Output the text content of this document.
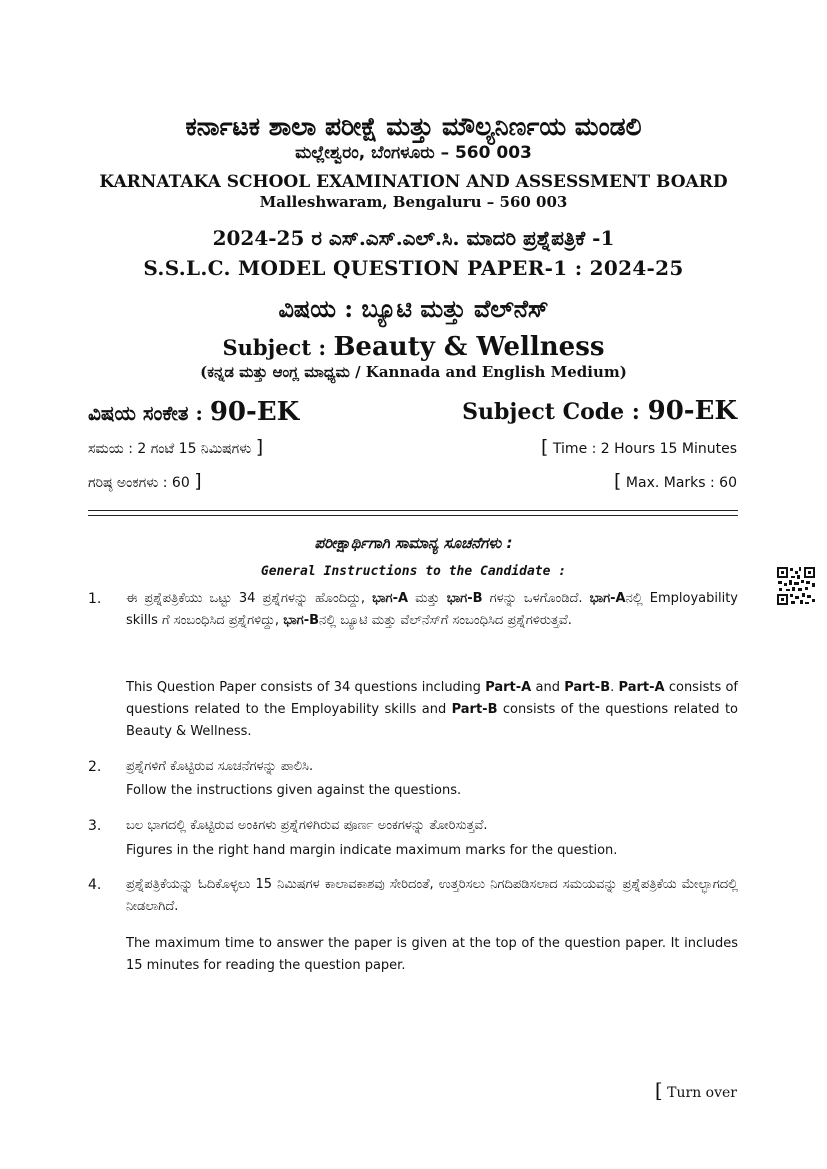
ಕರ್ನಾಟಕ ಶಾಲಾ ಪರೀಕ್ಷೆ ಮತ್ತು ಮೌಲ್ಯನಿರ್ಣಯ ಮಂಡಲಿ
ಮಲ್ಲೇಶ್ವರಂ, ಬೆಂಗಳೂರು – 560 003
KARNATAKA SCHOOL EXAMINATION AND ASSESSMENT BOARD
Malleshwaram, Bengaluru – 560 003
2024-25 ರ ಎಸ್.ಎಸ್.ಎಲ್.ಸಿ. ಮಾದರಿ ಪ್ರಶ್ನೆಪತ್ರಿಕೆ -1
S.S.L.C. MODEL QUESTION PAPER-1 : 2024-25
ವಿಷಯ : ಬ್ಯೂಟಿ ಮತ್ತು ವೆಲ್‌ನೆಸ್
Subject : Beauty & Wellness
(ಕನ್ನಡ ಮತ್ತು ಆಂಗ್ಲ ಮಾಧ್ಯಮ / Kannada and English Medium)
ವಿಷಯ ಸಂಕೇತ : 90-EK	Subject Code : 90-EK
ಸಮಯ : 2 ಗಂಟೆ 15 ನಿಮಿಷಗಳು ]	[ Time : 2 Hours 15 Minutes
ಗರಿಷ್ಠ ಅಂಕಗಳು : 60 ]	[ Max. Marks : 60
ಪರೀಕ್ಷಾರ್ಥಿಗಾಗಿ ಸಾಮಾನ್ಯ ಸೂಚನೆಗಳು :
General Instructions to the Candidate :
1. ಈ ಪ್ರಶ್ನೆಪತ್ರಿಕೆಯು ಒಟ್ಟು 34 ಪ್ರಶ್ನೆಗಳನ್ನು ಹೊಂದಿದ್ದು, ಭಾಗ-A ಮತ್ತು ಭಾಗ-B ಗಳನ್ನು ಒಳಗೊಂಡಿದೆ. ಭಾಗ-Aನಲ್ಲಿ Employability skills ಗೆ ಸಂಬಂಧಿಸಿದ ಪ್ರಶ್ನೆಗಳಿದ್ದು, ಭಾಗ-Bನಲ್ಲಿ ಬ್ಯೂಟಿ ಮತ್ತು ವೆಲ್‌ನೆಸ್‌ಗೆ ಸಂಬಂಧಿಸಿದ ಪ್ರಶ್ನೆಗಳಿರುತ್ತವೆ.
This Question Paper consists of 34 questions including Part-A and Part-B. Part-A consists of questions related to the Employability skills and Part-B consists of the questions related to Beauty & Wellness.
2. ಪ್ರಶ್ನೆಗಳಿಗೆ ಕೊಟ್ಟಿರುವ ಸೂಚನೆಗಳನ್ನು ಪಾಲಿಸಿ.
Follow the instructions given against the questions.
3. ಬಲ ಭಾಗದಲ್ಲಿ ಕೊಟ್ಟಿರುವ ಅಂಕಿಗಳು ಪ್ರಶ್ನೆಗಳಿಗಿರುವ ಪೂರ್ಣ ಅಂಕಗಳನ್ನು ತೋರಿಸುತ್ತವೆ.
Figures in the right hand margin indicate maximum marks for the question.
4. ಪ್ರಶ್ನೆಪತ್ರಿಕೆಯನ್ನು ಓದಿಕೊಳ್ಳಲು 15 ನಿಮಿಷಗಳ ಕಾಲಾವಕಾಶವು ಸೇರಿದಂತೆ, ಉತ್ತರಿಸಲು ನಿಗದಿಪಡಿಸಲಾದ ಸಮಯವನ್ನು ಪ್ರಶ್ನೆಪತ್ರಿಕೆಯ ಮೇಲ್ಭಾಗದಲ್ಲಿ ನೀಡಲಾಗಿದೆ.
The maximum time to answer the paper is given at the top of the question paper. It includes 15 minutes for reading the question paper.
[ Turn over
